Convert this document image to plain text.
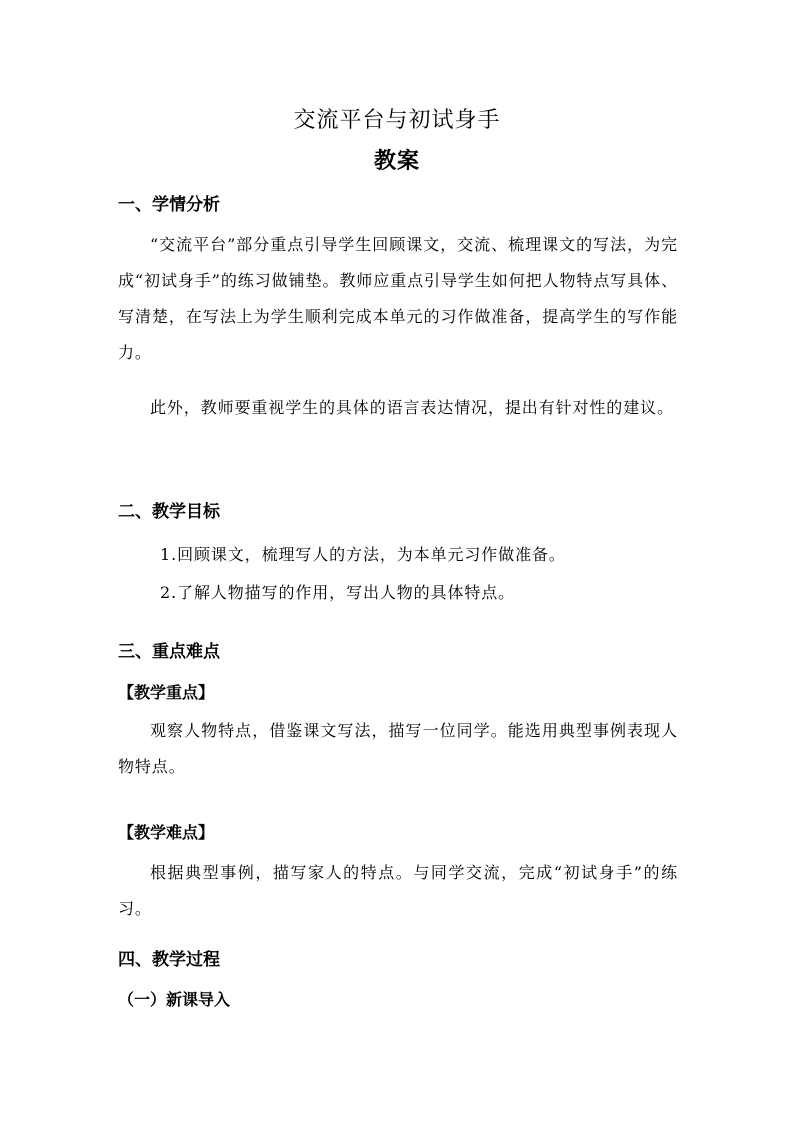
交流平台与初试身手
教案
一、学情分析

“交流平台”部分重点引导学生回顾课文，交流、梳理课文的写法，为完成“初试身手”的练习做铺垫。教师应重点引导学生如何把人物特点写具体、写清楚，在写法上为学生顺利完成本单元的习作做准备，提高学生的写作能力。

此外，教师要重视学生的具体的语言表达情况，提出有针对性的建议。

二、教学目标
1.回顾课文，梳理写人的方法，为本单元习作做准备。
2.了解人物描写的作用，写出人物的具体特点。
三、重点难点
【教学重点】

观察人物特点，借鉴课文写法，描写一位同学。能选用典型事例表现人物特点。

【教学难点】

根据典型事例，描写家人的特点。与同学交流，完成“初试身手”的练习。

四、教学过程
（一）新课导入
